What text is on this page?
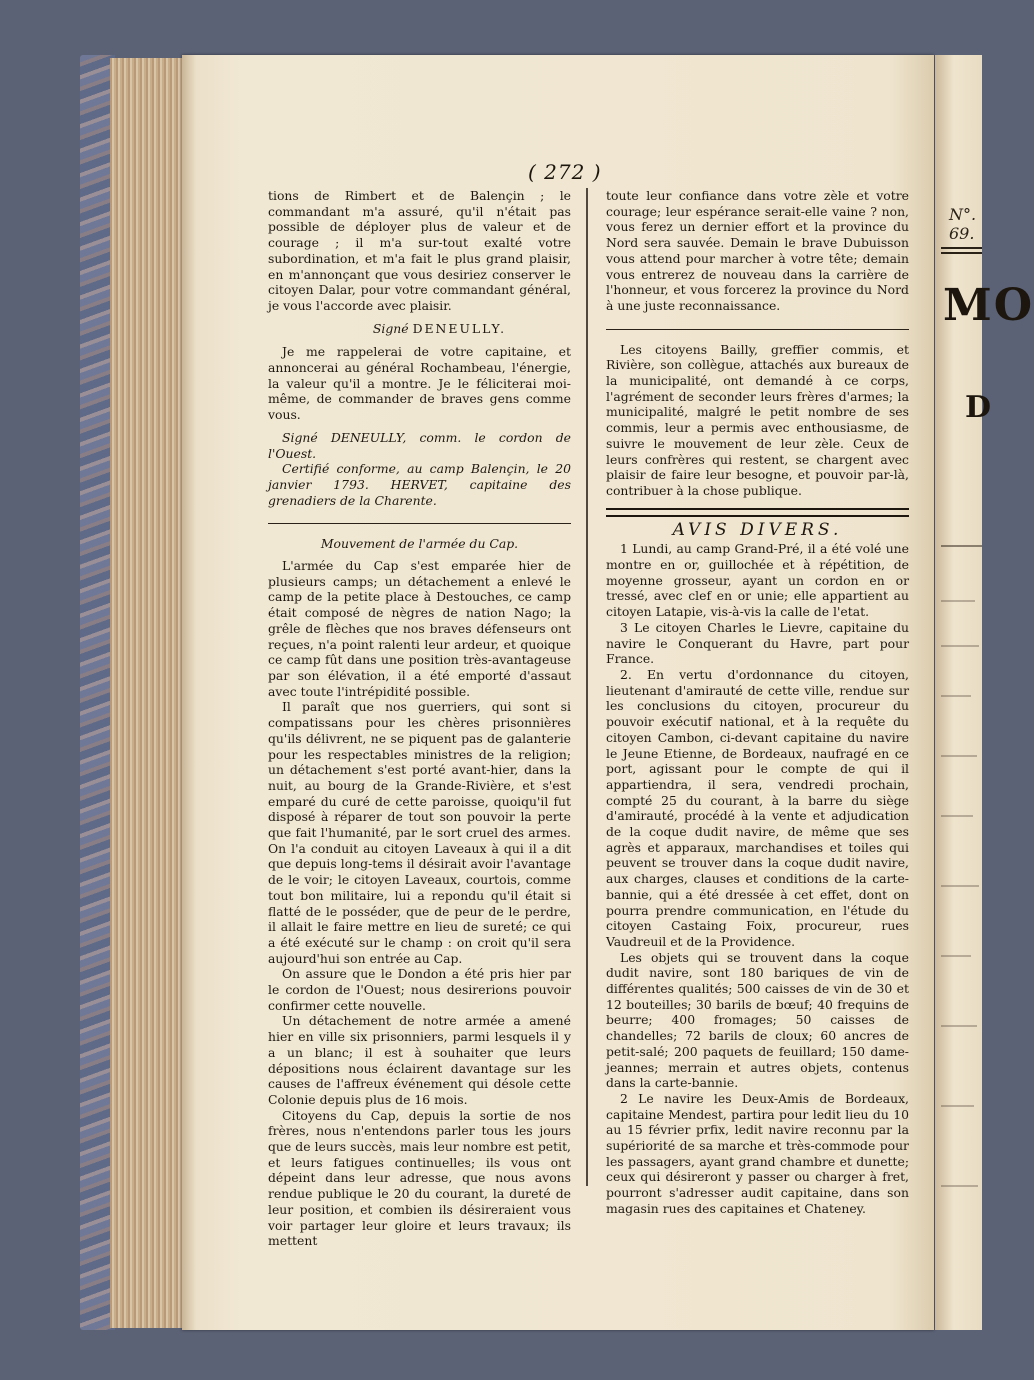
N°. 69.
MO
D
( 272 )

tions de Rimbert et de Balençin ; le commandant m'a assuré, qu'il n'était pas possible de déployer plus de valeur et de courage ; il m'a sur-tout exalté votre subordination, et m'a fait le plus grand plaisir, en m'annonçant que vous desiriez conserver le citoyen Dalar, pour votre commandant général, je vous l'accorde avec plaisir.

Signé DENEULLY.

Je me rappelerai de votre capitaine, et annoncerai au général Rochambeau, l'énergie, la valeur qu'il a montre. Je le féliciterai moi-même, de commander de braves gens comme vous.

Signé DENEULLY, comm. le cordon de l'Ouest.

Certifié conforme, au camp Balençin, le 20 janvier 1793. HERVET, capitaine des grenadiers de la Charente.

Mouvement de l'armée du Cap.

L'armée du Cap s'est emparée hier de plusieurs camps; un détachement a enlevé le camp de la petite place à Destouches, ce camp était composé de nègres de nation Nago; la grêle de flèches que nos braves défenseurs ont reçues, n'a point ralenti leur ardeur, et quoique ce camp fût dans une position très-avantageuse par son élévation, il a été emporté d'assaut avec toute l'intrépidité possible.

Il paraît que nos guerriers, qui sont si compatissans pour les chères prisonnières qu'ils délivrent, ne se piquent pas de galanterie pour les respectables ministres de la religion; un détachement s'est porté avant-hier, dans la nuit, au bourg de la Grande-Rivière, et s'est emparé du curé de cette paroisse, quoiqu'il fut disposé à réparer de tout son pouvoir la perte que fait l'humanité, par le sort cruel des armes. On l'a conduit au citoyen Laveaux à qui il a dit que depuis long-tems il désirait avoir l'avantage de le voir; le citoyen Laveaux, courtois, comme tout bon militaire, lui a repondu qu'il était si flatté de le posséder, que de peur de le perdre, il allait le faire mettre en lieu de sureté; ce qui a été exécuté sur le champ : on croit qu'il sera aujourd'hui son entrée au Cap.

On assure que le Dondon a été pris hier par le cordon de l'Ouest; nous desirerions pouvoir confirmer cette nouvelle.

Un détachement de notre armée a amené hier en ville six prisonniers, parmi lesquels il y a un blanc; il est à souhaiter que leurs dépositions nous éclairent davantage sur les causes de l'affreux événement qui désole cette Colonie depuis plus de 16 mois.

Citoyens du Cap, depuis la sortie de nos frères, nous n'entendons parler tous les jours que de leurs succès, mais leur nombre est petit, et leurs fatigues continuelles; ils vous ont dépeint dans leur adresse, que nous avons rendue publique le 20 du courant, la dureté de leur position, et combien ils désireraient vous voir partager leur gloire et leurs travaux; ils mettent

toute leur confiance dans votre zèle et votre courage; leur espérance serait-elle vaine ? non, vous ferez un dernier effort et la province du Nord sera sauvée. Demain le brave Dubuisson vous attend pour marcher à votre tête; demain vous entrerez de nouveau dans la carrière de l'honneur, et vous forcerez la province du Nord à une juste reconnaissance.

Les citoyens Bailly, greffier commis, et Rivière, son collègue, attachés aux bureaux de la municipalité, ont demandé à ce corps, l'agrément de seconder leurs frères d'armes; la municipalité, malgré le petit nombre de ses commis, leur a permis avec enthousiasme, de suivre le mouvement de leur zèle. Ceux de leurs confrères qui restent, se chargent avec plaisir de faire leur besogne, et pouvoir par-là, contribuer à la chose publique.

AVIS DIVERS.

1 Lundi, au camp Grand-Pré, il a été volé une montre en or, guillochée et à répétition, de moyenne grosseur, ayant un cordon en or tressé, avec clef en or unie; elle appartient au citoyen Latapie, vis-à-vis la calle de l'etat.

3 Le citoyen Charles le Lievre, capitaine du navire le Conquerant du Havre, part pour France.

2. En vertu d'ordonnance du citoyen, lieutenant d'amirauté de cette ville, rendue sur les conclusions du citoyen, procureur du pouvoir exécutif national, et à la requête du citoyen Cambon, ci-devant capitaine du navire le Jeune Etienne, de Bordeaux, naufragé en ce port, agissant pour le compte de qui il appartiendra, il sera, vendredi prochain, compté 25 du courant, à la barre du siège d'amirauté, procédé à la vente et adjudication de la coque dudit navire, de même que ses agrès et apparaux, marchandises et toiles qui peuvent se trouver dans la coque dudit navire, aux charges, clauses et conditions de la carte-bannie, qui a été dressée à cet effet, dont on pourra prendre communication, en l'étude du citoyen Castaing Foix, procureur, rues Vaudreuil et de la Providence.

Les objets qui se trouvent dans la coque dudit navire, sont 180 bariques de vin de différentes qualités; 500 caisses de vin de 30 et 12 bouteilles; 30 barils de bœuf; 40 frequins de beurre; 400 fromages; 50 caisses de chandelles; 72 barils de cloux; 60 ancres de petit-salé; 200 paquets de feuillard; 150 dame-jeannes; merrain et autres objets, contenus dans la carte-bannie.

2 Le navire les Deux-Amis de Bordeaux, capitaine Mendest, partira pour ledit lieu du 10 au 15 février prfix, ledit navire reconnu par la supériorité de sa marche et très-commode pour les passagers, ayant grand chambre et dunette; ceux qui désireront y passer ou charger à fret, pourront s'adresser audit capitaine, dans son magasin rues des capitaines et Chateney.
